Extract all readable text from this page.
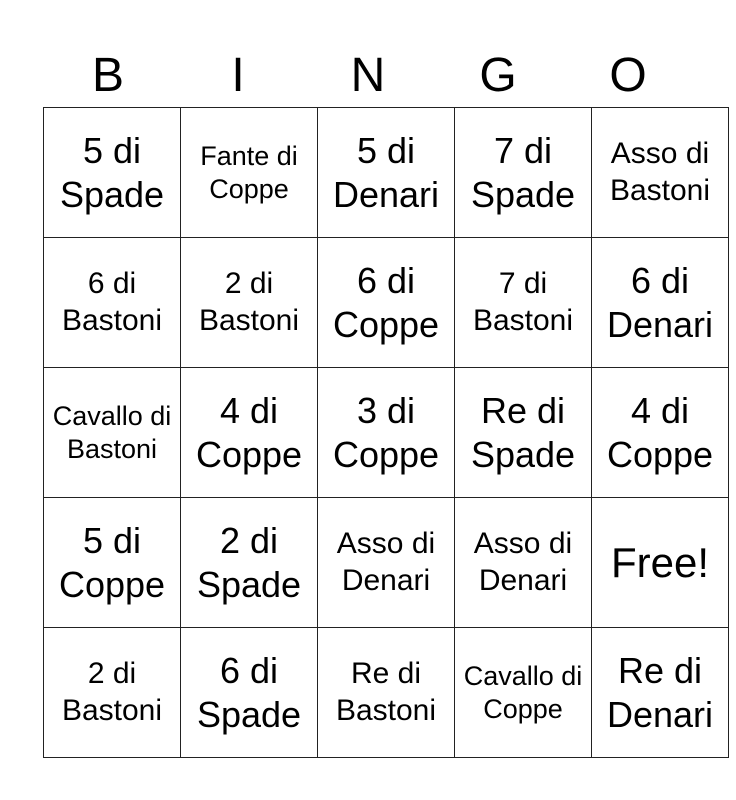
B	I	N	G	O
5 di Spade	Fante di Coppe	5 di Denari	7 di Spade	Asso di Bastoni
6 di Bastoni	2 di Bastoni	6 di Coppe	7 di Bastoni	6 di Denari
Cavallo di Bastoni	4 di Coppe	3 di Coppe	Re di Spade	4 di Coppe
5 di Coppe	2 di Spade	Asso di Denari	Asso di Denari	Free!
2 di Bastoni	6 di Spade	Re di Bastoni	Cavallo di Coppe	Re di Denari
